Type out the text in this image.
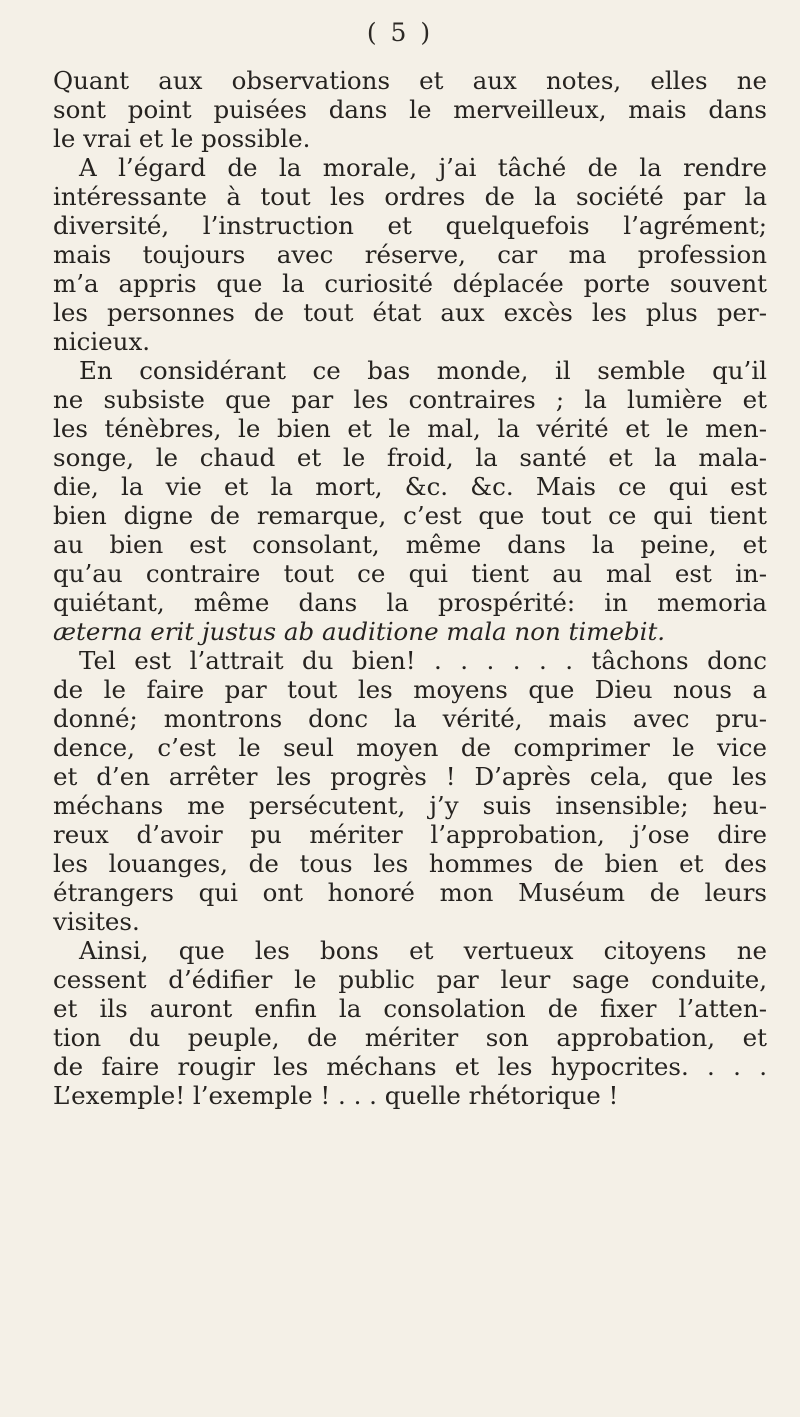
( 5 )
Quant aux observations et aux notes, elles ne
sont point puisées dans le merveilleux, mais dans
le vrai et le possible.
A l’égard de la morale, j’ai tâché de la rendre
intéressante à tout les ordres de la société par la
diversité, l’instruction et quelquefois l’agrément;
mais toujours avec réserve, car ma profession
m’a appris que la curiosité déplacée porte souvent
les personnes de tout état aux excès les plus per-
nicieux.
En considérant ce bas monde, il semble qu’il
ne subsiste que par les contraires ; la lumière et
les ténèbres, le bien et le mal, la vérité et le men-
songe, le chaud et le froid, la santé et la mala-
die, la vie et la mort, &c. &c. Mais ce qui est
bien digne de remarque, c’est que tout ce qui tient
au bien est consolant, même dans la peine, et
qu’au contraire tout ce qui tient au mal est in-
quiétant, même dans la prospérité: in memoria
æterna erit justus ab auditione mala non timebit.
Tel est l’attrait du bien! . . . . . . tâchons donc
de le faire par tout les moyens que Dieu nous a
donné; montrons donc la vérité, mais avec pru-
dence, c’est le seul moyen de comprimer le vice
et d’en arrêter les progrès ! D’après cela, que les
méchans me persécutent, j’y suis insensible; heu-
reux d’avoir pu mériter l’approbation, j’ose dire
les louanges, de tous les hommes de bien et des
étrangers qui ont honoré mon Muséum de leurs
visites.
Ainsi, que les bons et vertueux citoyens ne
cessent d’édifier le public par leur sage conduite,
et ils auront enfin la consolation de fixer l’atten-
tion du peuple, de mériter son approbation, et
de faire rougir les méchans et les hypocrites. . . .
L’exemple! l’exemple ! . . . quelle rhétorique !
